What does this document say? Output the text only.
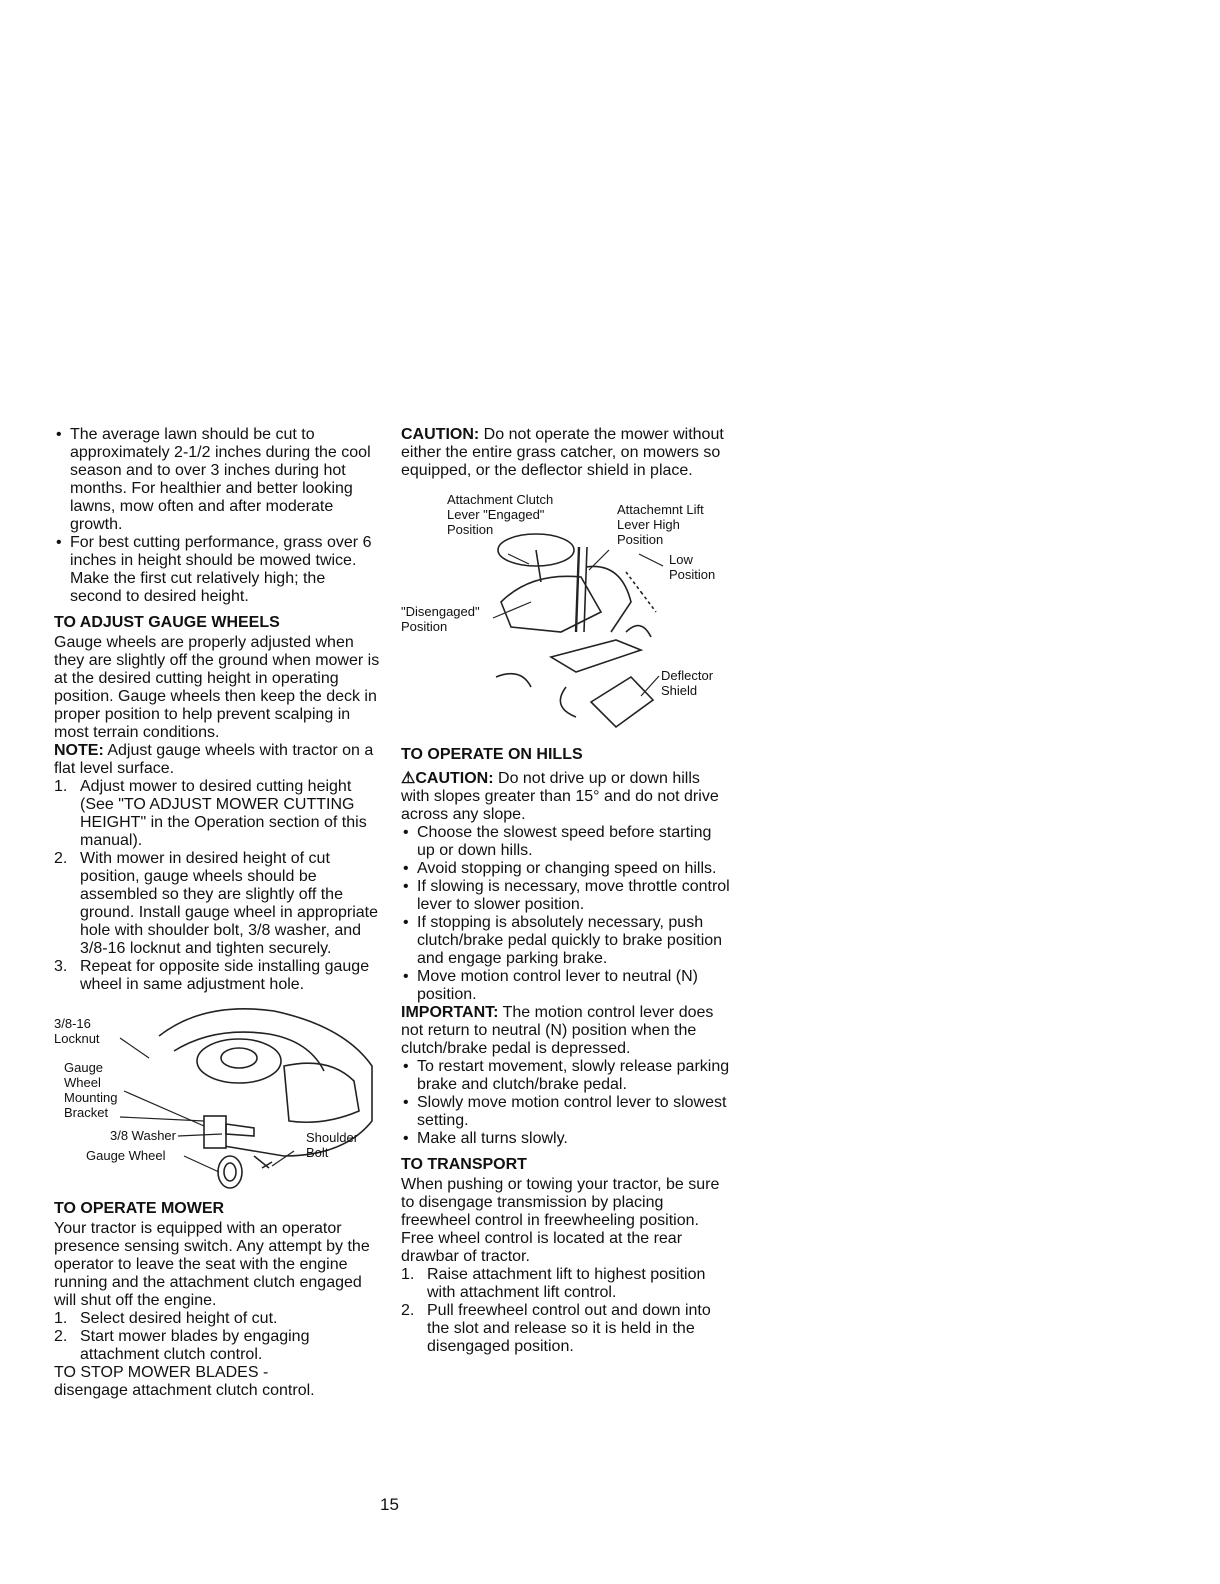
• The average lawn should be cut to approximately 2-1/2 inches during the cool season and to over 3 inches during hot months. For healthier and better looking lawns, mow often and after moderate growth.

• For best cutting performance, grass over 6 inches in height should be mowed twice. Make the first cut relatively high; the second to desired height.

TO ADJUST GAUGE WHEELS

Gauge wheels are properly adjusted when they are slightly off the ground when mower is at the desired cutting height in operating position. Gauge wheels then keep the deck in proper position to help prevent scalping in most terrain conditions.

NOTE: Adjust gauge wheels with tractor on a flat level surface.

1. Adjust mower to desired cutting height (See "TO ADJUST MOWER CUTTING HEIGHT" in the Operation section of this manual).
2. With mower in desired height of cut position, gauge wheels should be assembled so they are slightly off the ground. Install gauge wheel in appropriate hole with shoulder bolt, 3/8 washer, and 3/8-16 locknut and tighten securely.
3. Repeat for opposite side installing gauge wheel in same adjustment hole.
3/8-16
Locknut
Gauge
Wheel
Mounting
Bracket
3/8 Washer
Gauge Wheel
Shoulder
Bolt
TO OPERATE MOWER

Your tractor is equipped with an operator presence sensing switch. Any attempt by the operator to leave the seat with the engine running and the attachment clutch engaged will shut off the engine.

1. Select desired height of cut.
2. Start mower blades by engaging attachment clutch control.

TO STOP MOWER BLADES -

disengage attachment clutch control.

CAUTION: Do not operate the mower without either the entire grass catcher, on mowers so equipped, or the deflector shield in place.

Attachment Clutch
Lever "Engaged"
Position
Attachemnt Lift
Lever High
Position
Low
Position
"Disengaged"
Position
Deflector
Shield
TO OPERATE ON HILLS

⚠CAUTION: Do not drive up or down hills with slopes greater than 15° and do not drive across any slope.

• Choose the slowest speed before starting up or down hills.

• Avoid stopping or changing speed on hills.

• If slowing is necessary, move throttle control lever to slower position.

• If stopping is absolutely necessary, push clutch/brake pedal quickly to brake position and engage parking brake.

• Move motion control lever to neutral (N) position.

IMPORTANT: The motion control lever does not return to neutral (N) position when the clutch/brake pedal is depressed.

• To restart movement, slowly release parking brake and clutch/brake pedal.

• Slowly move motion control lever to slowest setting.

• Make all turns slowly.

TO TRANSPORT

When pushing or towing your tractor, be sure to disengage transmission by placing freewheel control in freewheeling position. Free wheel control is located at the rear drawbar of tractor.

1. Raise attachment lift to highest position with attachment lift control.
2. Pull freewheel control out and down into the slot and release so it is held in the disengaged position.
15
